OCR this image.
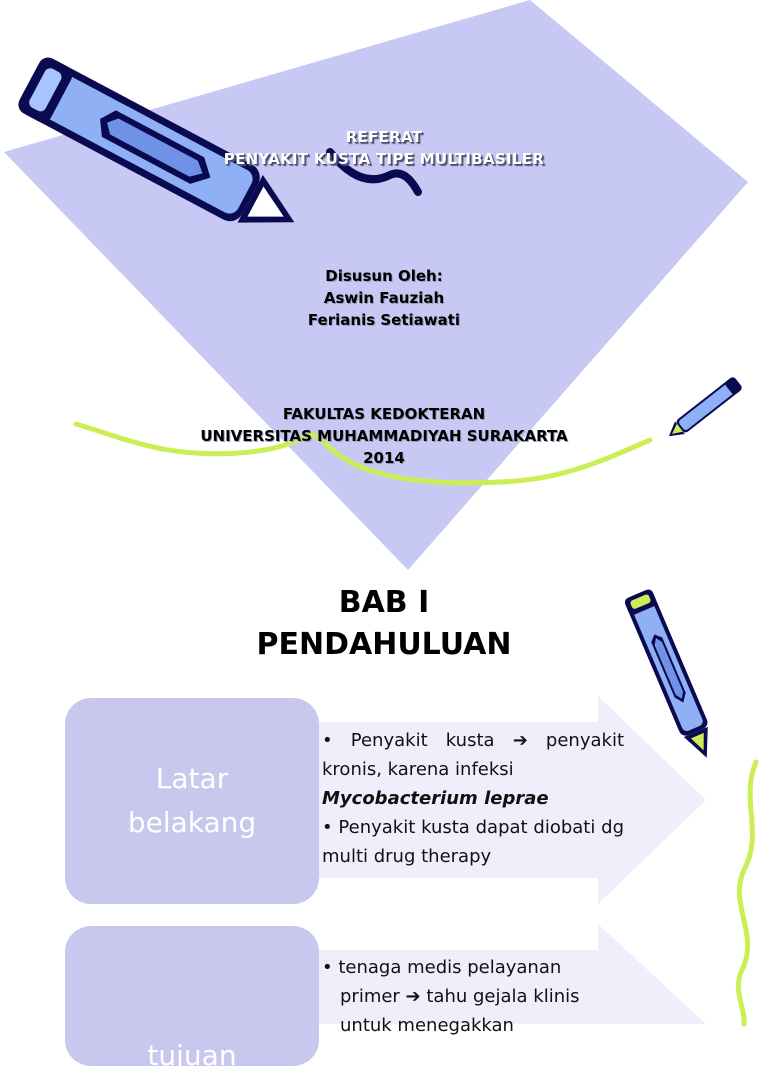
REFERAT
PENYAKIT KUSTA TIPE MULTIBASILER
Disusun Oleh:
Aswin Fauziah
Ferianis Setiawati
FAKULTAS KEDOKTERAN
UNIVERSITAS MUHAMMADIYAH SURAKARTA
2014
BAB I
PENDAHULUAN
Latar
belakang
• Penyakit kusta ➔ penyakit kronis, karena infeksi
Mycobacterium leprae
• Penyakit kusta dapat diobati dg multi drug therapy
tujuan
• tenaga medis pelayanan primer ➔ tahu gejala klinis untuk menegakkan
